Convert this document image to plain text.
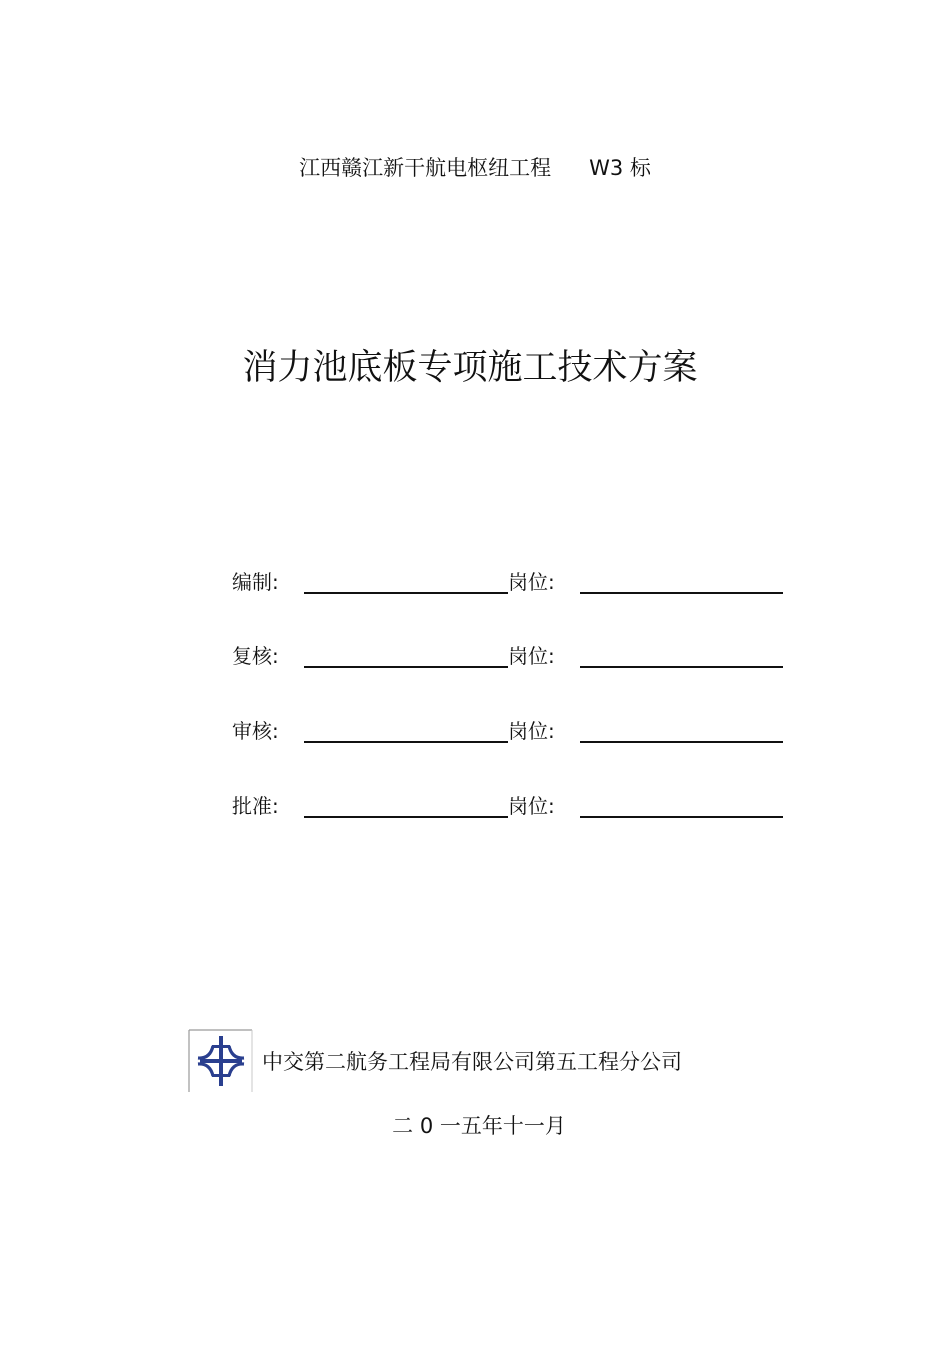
江西赣江新干航电枢纽工程 W3 标
消力池底板专项施工技术方案
编制:	岗位:
复核:	岗位:
审核:	岗位:
批准:	岗位:
中交第二航务工程局有限公司第五工程分公司
二 0 一五年十一月
